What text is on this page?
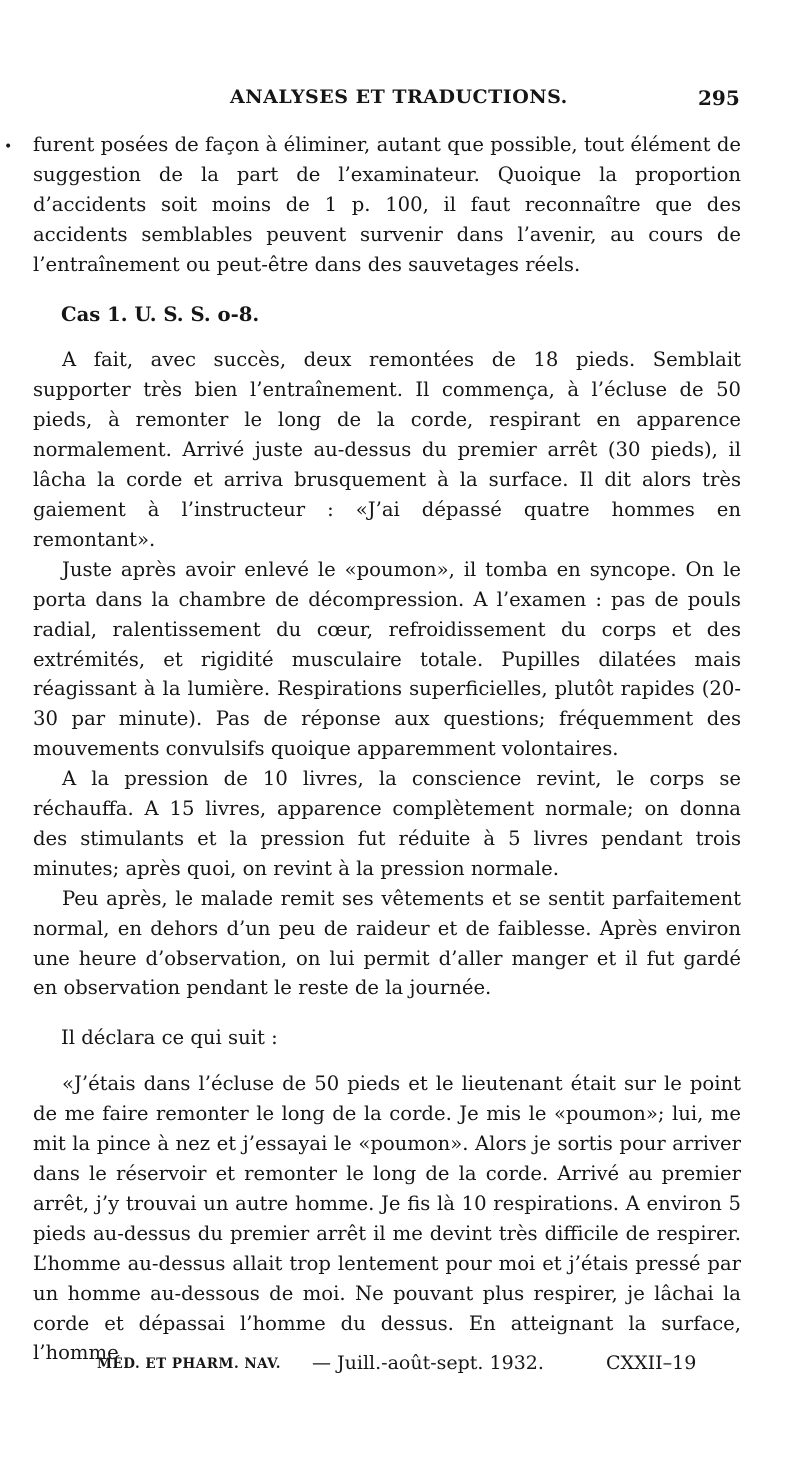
ANALYSES ET TRADUCTIONS.	295
• furent posées de façon à éliminer, autant que possible, tout élément de suggestion de la part de l’examinateur. Quoique la proportion d’accidents soit moins de 1 p. 100, il faut reconnaître que des accidents semblables peuvent survenir dans l’avenir, au cours de l’entraînement ou peut-être dans des sauvetages réels.

Cas 1. U. S. S. o-8.

A fait, avec succès, deux remontées de 18 pieds. Semblait supporter très bien l’entraînement. Il commença, à l’écluse de 50 pieds, à remonter le long de la corde, respirant en apparence normalement. Arrivé juste au-dessus du premier arrêt (30 pieds), il lâcha la corde et arriva brusquement à la surface. Il dit alors très gaiement à l’instructeur : «J’ai dépassé quatre hommes en remontant».

Juste après avoir enlevé le «poumon», il tomba en syncope. On le porta dans la chambre de décompression. A l’examen : pas de pouls radial, ralentissement du cœur, refroidissement du corps et des extrémités, et rigidité musculaire totale. Pupilles dilatées mais réagissant à la lumière. Respirations superficielles, plutôt rapides (20-30 par minute). Pas de réponse aux questions; fréquemment des mouvements convulsifs quoique apparemment volontaires.

A la pression de 10 livres, la conscience revint, le corps se réchauffa. A 15 livres, apparence complètement normale; on donna des stimulants et la pression fut réduite à 5 livres pendant trois minutes; après quoi, on revint à la pression normale.

Peu après, le malade remit ses vêtements et se sentit parfaitement normal, en dehors d’un peu de raideur et de faiblesse. Après environ une heure d’observation, on lui permit d’aller manger et il fut gardé en observation pendant le reste de la journée.

Il déclara ce qui suit :

«J’étais dans l’écluse de 50 pieds et le lieutenant était sur le point de me faire remonter le long de la corde. Je mis le «poumon»; lui, me mit la pince à nez et j’essayai le «poumon». Alors je sortis pour arriver dans le réservoir et remonter le long de la corde. Arrivé au premier arrêt, j’y trouvai un autre homme. Je fis là 10 respirations. A environ 5 pieds au-dessus du premier arrêt il me devint très difficile de respirer. L’homme au-dessus allait trop lentement pour moi et j’étais pressé par un homme au-dessous de moi. Ne pouvant plus respirer, je lâchai la corde et dépassai l’homme du dessus. En atteignant la surface, l’homme

MÉD. ET PHARM. NAV. — Juill.-août-sept. 1932.	CXXII–19
